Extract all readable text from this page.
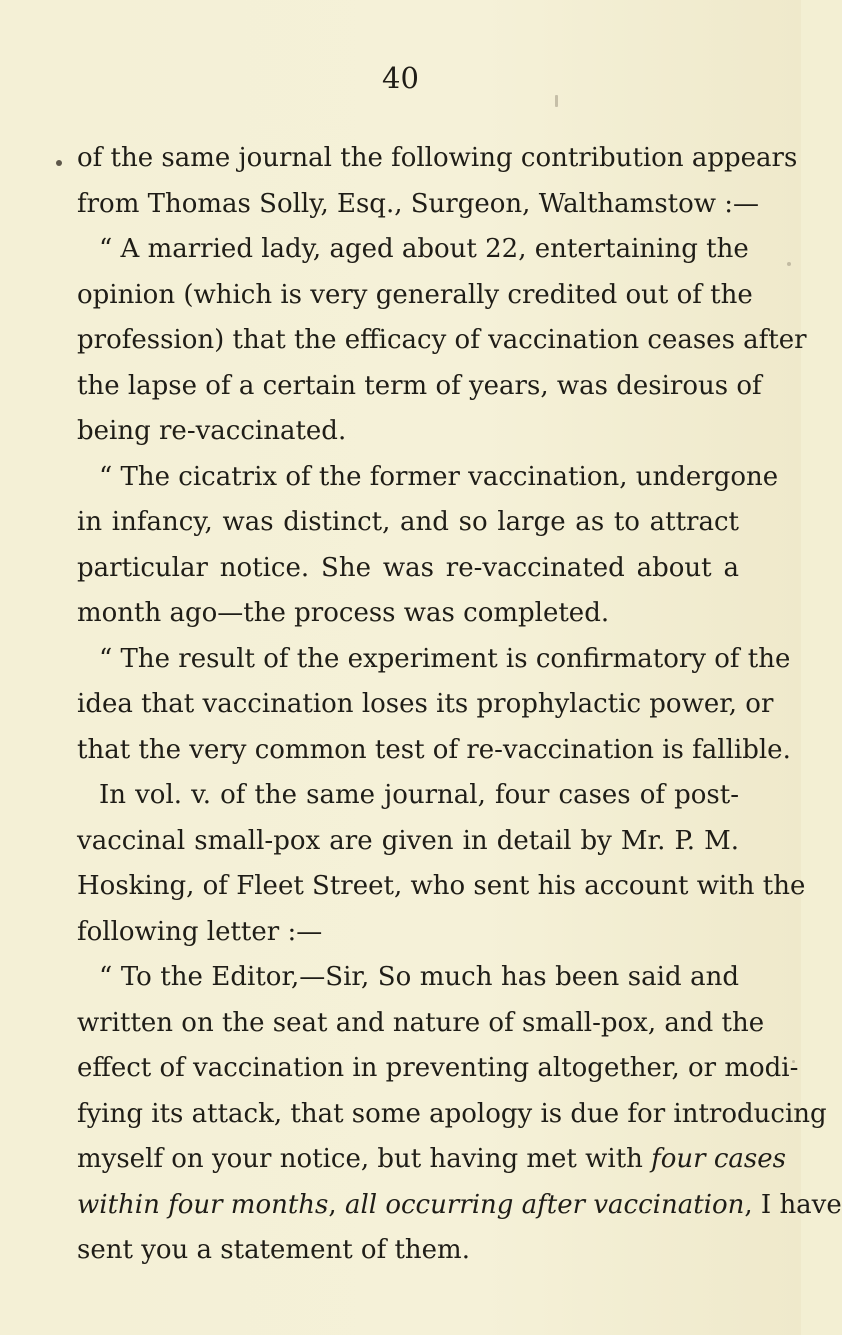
40
of the same journal the following contribution appears
from Thomas Solly, Esq., Surgeon, Walthamstow :—
“ A married lady, aged about 22, entertaining the
opinion (which is very generally credited out of the
profession) that the efficacy of vaccination ceases after
the lapse of a certain term of years, was desirous of
being re-vaccinated.
“ The cicatrix of the former vaccination, undergone
in infancy, was distinct, and so large as to attract
particular notice. She was re-vaccinated about a
month ago—the process was completed.
“ The result of the experiment is confirmatory of the
idea that vaccination loses its prophylactic power, or
that the very common test of re-vaccination is fallible.
In vol. v. of the same journal, four cases of post-
vaccinal small-pox are given in detail by Mr. P. M.
Hosking, of Fleet Street, who sent his account with the
following letter :—
“ To the Editor,—Sir, So much has been said and
written on the seat and nature of small-pox, and the
effect of vaccination in preventing altogether, or modi-
fying its attack, that some apology is due for introducing
myself on your notice, but having met with four cases
within four months, all occurring after vaccination, I have
sent you a statement of them.
